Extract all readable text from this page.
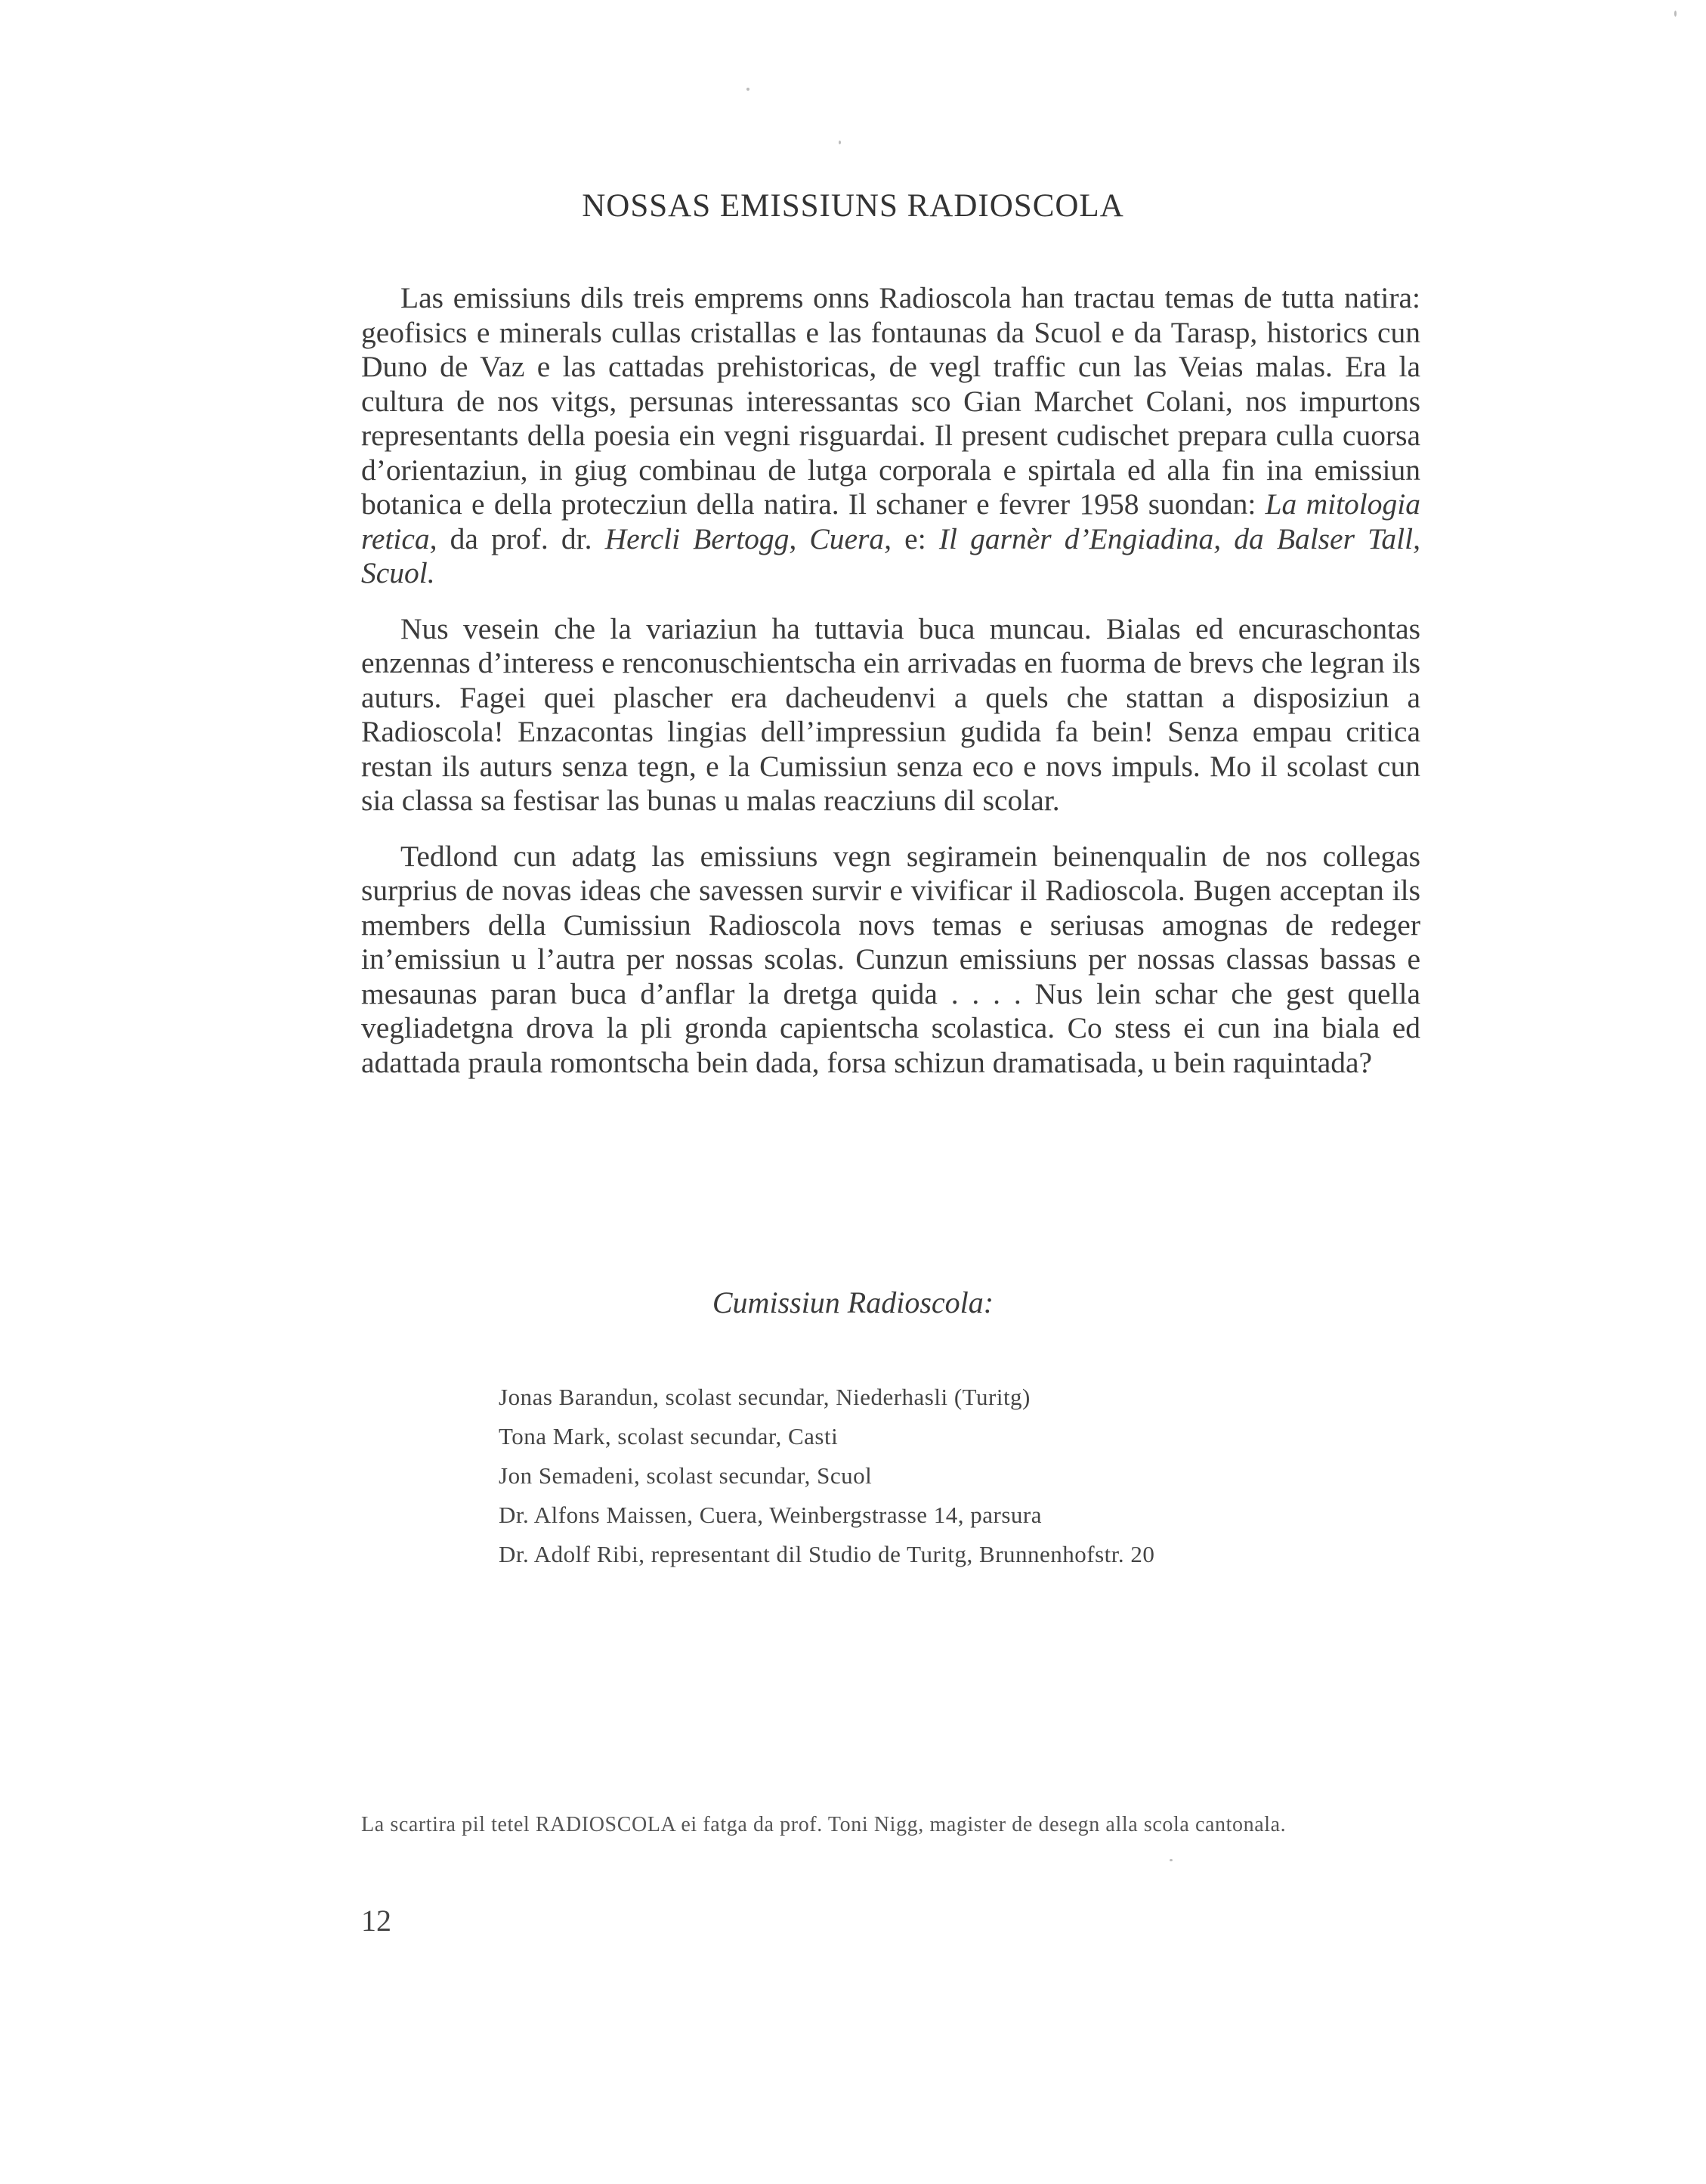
NOSSAS EMISSIUNS RADIOSCOLA

Las emissiuns dils treis emprems onns Radioscola han tractau temas de tutta natira: geofisics e minerals cullas cristallas e las fontaunas da Scuol e da Tarasp, historics cun Duno de Vaz e las cattadas prehistoricas, de vegl traffic cun las Veias malas. Era la cultura de nos vitgs, persunas interessantas sco Gian Marchet Colani, nos impurtons representants della poesia ein vegni risguardai. Il present cudischet prepara culla cuorsa d’orientaziun, in giug combinau de lutga corporala e spirtala ed alla fin ina emissiun botanica e della protecziun della natira. Il schaner e fevrer 1958 suondan: La mitologia retica, da prof. dr. Hercli Bertogg, Cuera, e: Il garnèr d’Engiadina, da Balser Tall, Scuol.

Nus vesein che la variaziun ha tuttavia buca muncau. Bialas ed encuraschontas enzennas d’interess e renconuschientscha ein arrivadas en fuorma de brevs che legran ils auturs. Fagei quei plascher era dacheudenvi a quels che stattan a disposiziun a Radioscola! Enzacontas lingias dell’impressiun gudida fa bein! Senza empau critica restan ils auturs senza tegn, e la Cumissiun senza eco e novs impuls. Mo il scolast cun sia classa sa festisar las bunas u malas reacziuns dil scolar.

Tedlond cun adatg las emissiuns vegn segiramein beinenqualin de nos collegas surprius de novas ideas che savessen survir e vivificar il Radioscola. Bugen acceptan ils members della Cumissiun Radioscola novs temas e seriusas amognas de redeger in’emissiun u l’autra per nossas scolas. Cunzun emissiuns per nossas classas bassas e mesaunas paran buca d’anflar la dretga quida . . . . Nus lein schar che gest quella vegliadetgna drova la pli gronda capientscha scolastica. Co stess ei cun ina biala ed adattada praula romontscha bein dada, forsa schizun dramatisada, u bein raquintada?

Cumissiun Radioscola:
Jonas Barandun, scolast secundar, Niederhasli (Turitg)
Tona Mark, scolast secundar, Casti
Jon Semadeni, scolast secundar, Scuol
Dr. Alfons Maissen, Cuera, Weinbergstrasse 14, parsura
Dr. Adolf Ribi, representant dil Studio de Turitg, Brunnenhofstr. 20
La scartira pil tetel RADIOSCOLA ei fatga da prof. Toni Nigg, magister de desegn alla scola cantonala.
12
